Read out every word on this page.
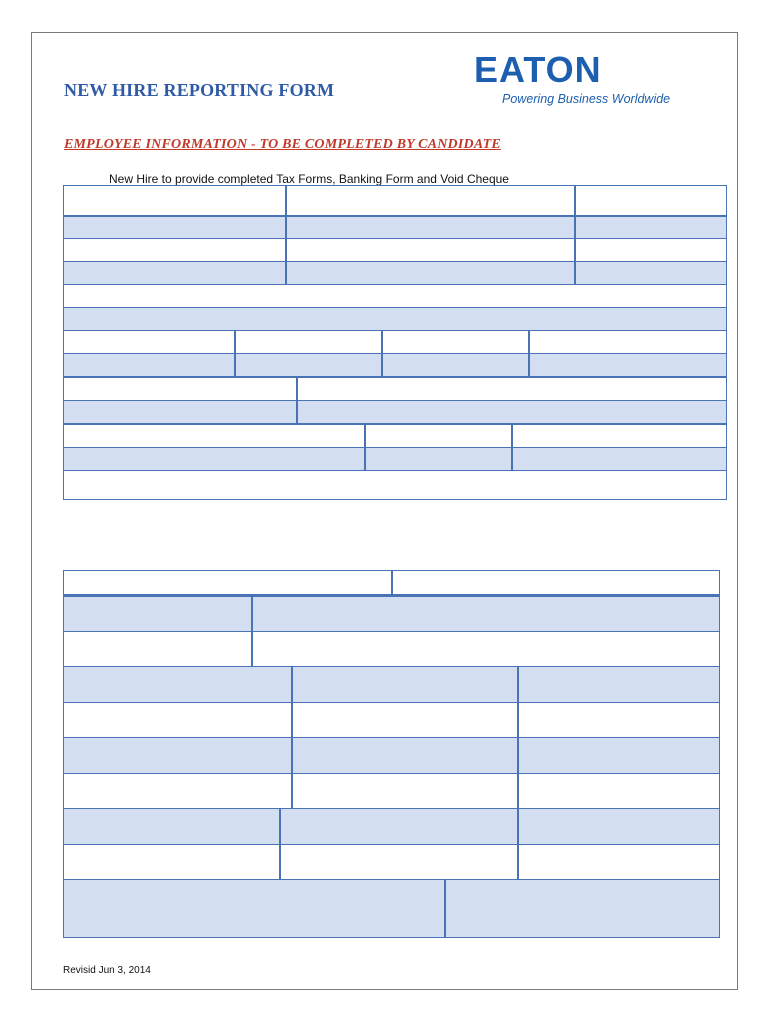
EATON
Powering Business Worldwide
NEW HIRE REPORTING FORM
EMPLOYEE INFORMATION - TO BE COMPLETED BY CANDIDATE
New Hire to provide completed Tax Forms, Banking Form and Void Cheque
Revisid Jun 3, 2014
